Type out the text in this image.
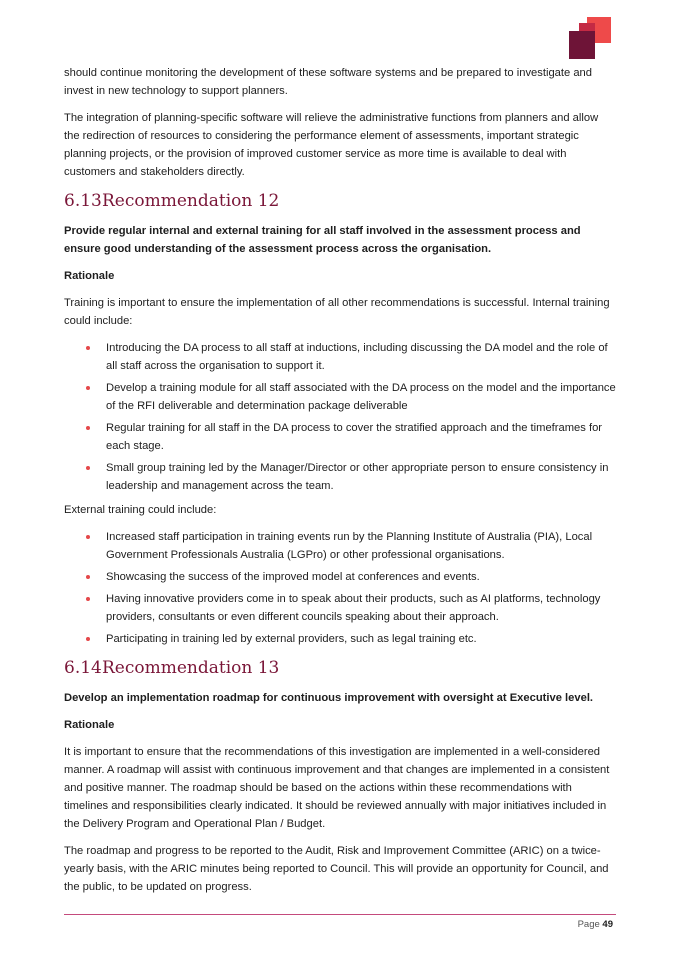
should continue monitoring the development of these software systems and be prepared to investigate and invest in new technology to support planners.

The integration of planning-specific software will relieve the administrative functions from planners and allow the redirection of resources to considering the performance element of assessments, important strategic planning projects, or the provision of improved customer service as more time is available to deal with customers and stakeholders directly.

6.13Recommendation 12

Provide regular internal and external training for all staff involved in the assessment process and ensure good understanding of the assessment process across the organisation.

Rationale

Training is important to ensure the implementation of all other recommendations is successful. Internal training could include:

Introducing the DA process to all staff at inductions, including discussing the DA model and the role of all staff across the organisation to support it.
Develop a training module for all staff associated with the DA process on the model and the importance of the RFI deliverable and determination package deliverable
Regular training for all staff in the DA process to cover the stratified approach and the timeframes for each stage.
Small group training led by the Manager/Director or other appropriate person to ensure consistency in leadership and management across the team.

External training could include:

Increased staff participation in training events run by the Planning Institute of Australia (PIA), Local Government Professionals Australia (LGPro) or other professional organisations.
Showcasing the success of the improved model at conferences and events.
Having innovative providers come in to speak about their products, such as AI platforms, technology providers, consultants or even different councils speaking about their approach.
Participating in training led by external providers, such as legal training etc.
6.14Recommendation 13

Develop an implementation roadmap for continuous improvement with oversight at Executive level.

Rationale

It is important to ensure that the recommendations of this investigation are implemented in a well-considered manner. A roadmap will assist with continuous improvement and that changes are implemented in a consistent and positive manner. The roadmap should be based on the actions within these recommendations with timelines and responsibilities clearly indicated. It should be reviewed annually with major initiatives included in the Delivery Program and Operational Plan / Budget.

The roadmap and progress to be reported to the Audit, Risk and Improvement Committee (ARIC) on a twice-yearly basis, with the ARIC minutes being reported to Council. This will provide an opportunity for Council, and the public, to be updated on progress.

Page 49
